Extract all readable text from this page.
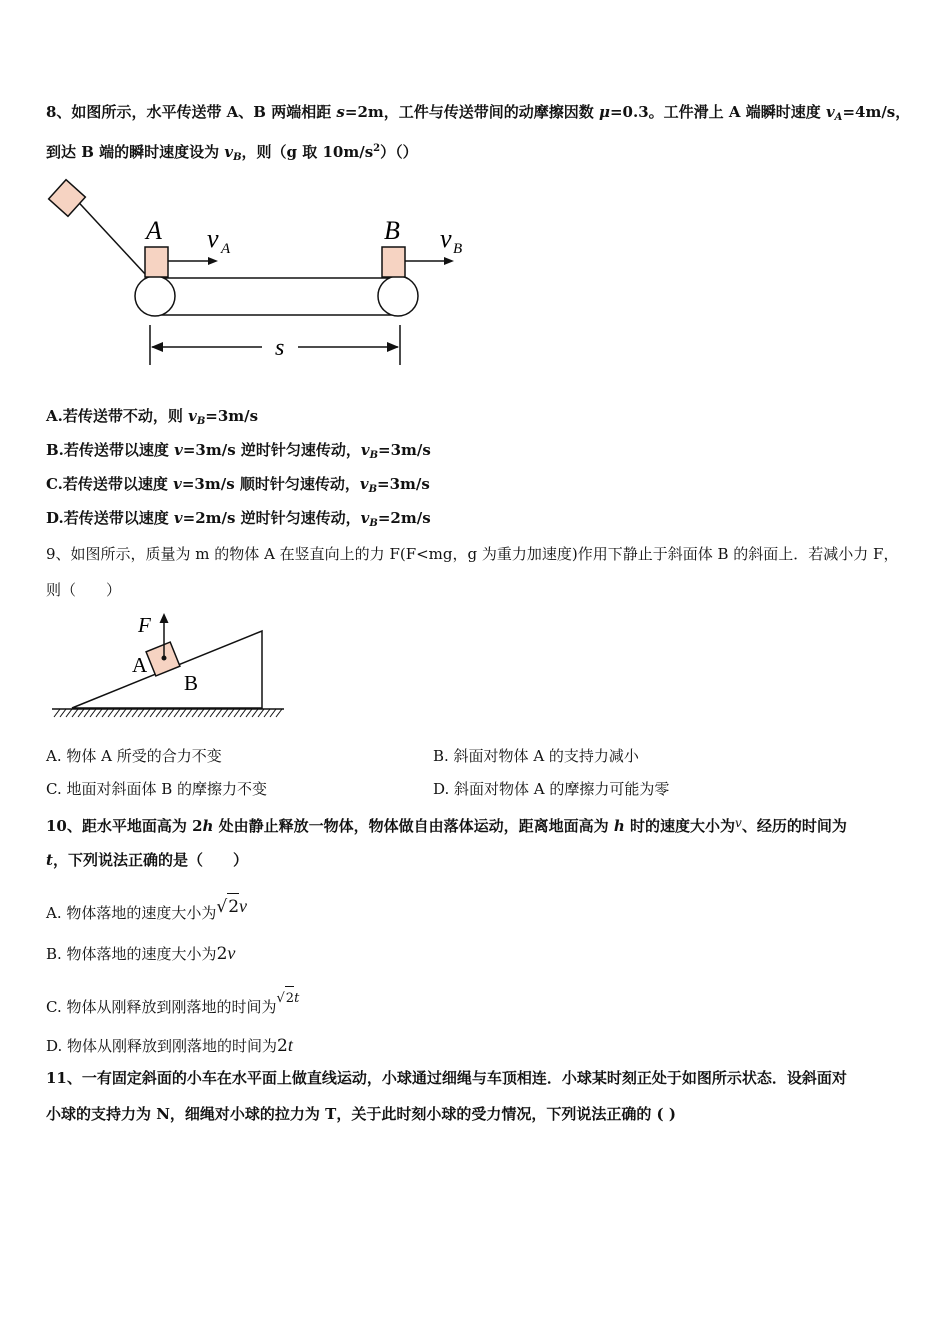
8、如图所示，水平传送带 A、B 两端相距 s=2m，工件与传送带间的动摩擦因数 μ=0.3。工件滑上 A 端瞬时速度 $v_A=4m/s$，
到达 B 端的瞬时速度设为 $v_B$，则（g 取 $10m/s^2)()$
A	B
v A	v B
s
A.若传送带不动，则 $v_B=3m/s$
B.若传送带以速度 v=3m/s 逆时针匀速传动，$v_B=3m/s$
C.若传送带以速度 v=3m/s 顺时针匀速传动，$v_B=3m/s$
D.若传送带以速度 v=2m/s 逆时针匀速传动，$v_B=2m/s$
9、如图所示，质量为 m 的物体 A 在竖直向上的力 F(F<mg，g 为重力加速度)作用下静止于斜面体 B 的斜面上．若减小力 F，
则（　　）
F
A
B
A. 物体 A 所受的合力不变	B. 斜面对物体 A 的支持力减小
C. 地面对斜面体 B 的摩擦力不变	D. 斜面对物体 A 的摩擦力可能为零
10、距水平地面高为 2h 处由静止释放一物体，物体做自由落体运动，距离地面高为 h 时的速度大小为$^v$、经历的时间为
t，下列说法正确的是（　　）
A. 物体落地的速度大小为√2v
B. 物体落地的速度大小为2v
C. 物体从刚释放到刚落地的时间为√2t
D. 物体从刚释放到刚落地的时间为2t
11、一有固定斜面的小车在水平面上做直线运动，小球通过细绳与车顶相连．小球某时刻正处于如图所示状态．设斜面对
小球的支持力为 N，细绳对小球的拉力为 T，关于此时刻小球的受力情况，下列说法正确的 ( )
